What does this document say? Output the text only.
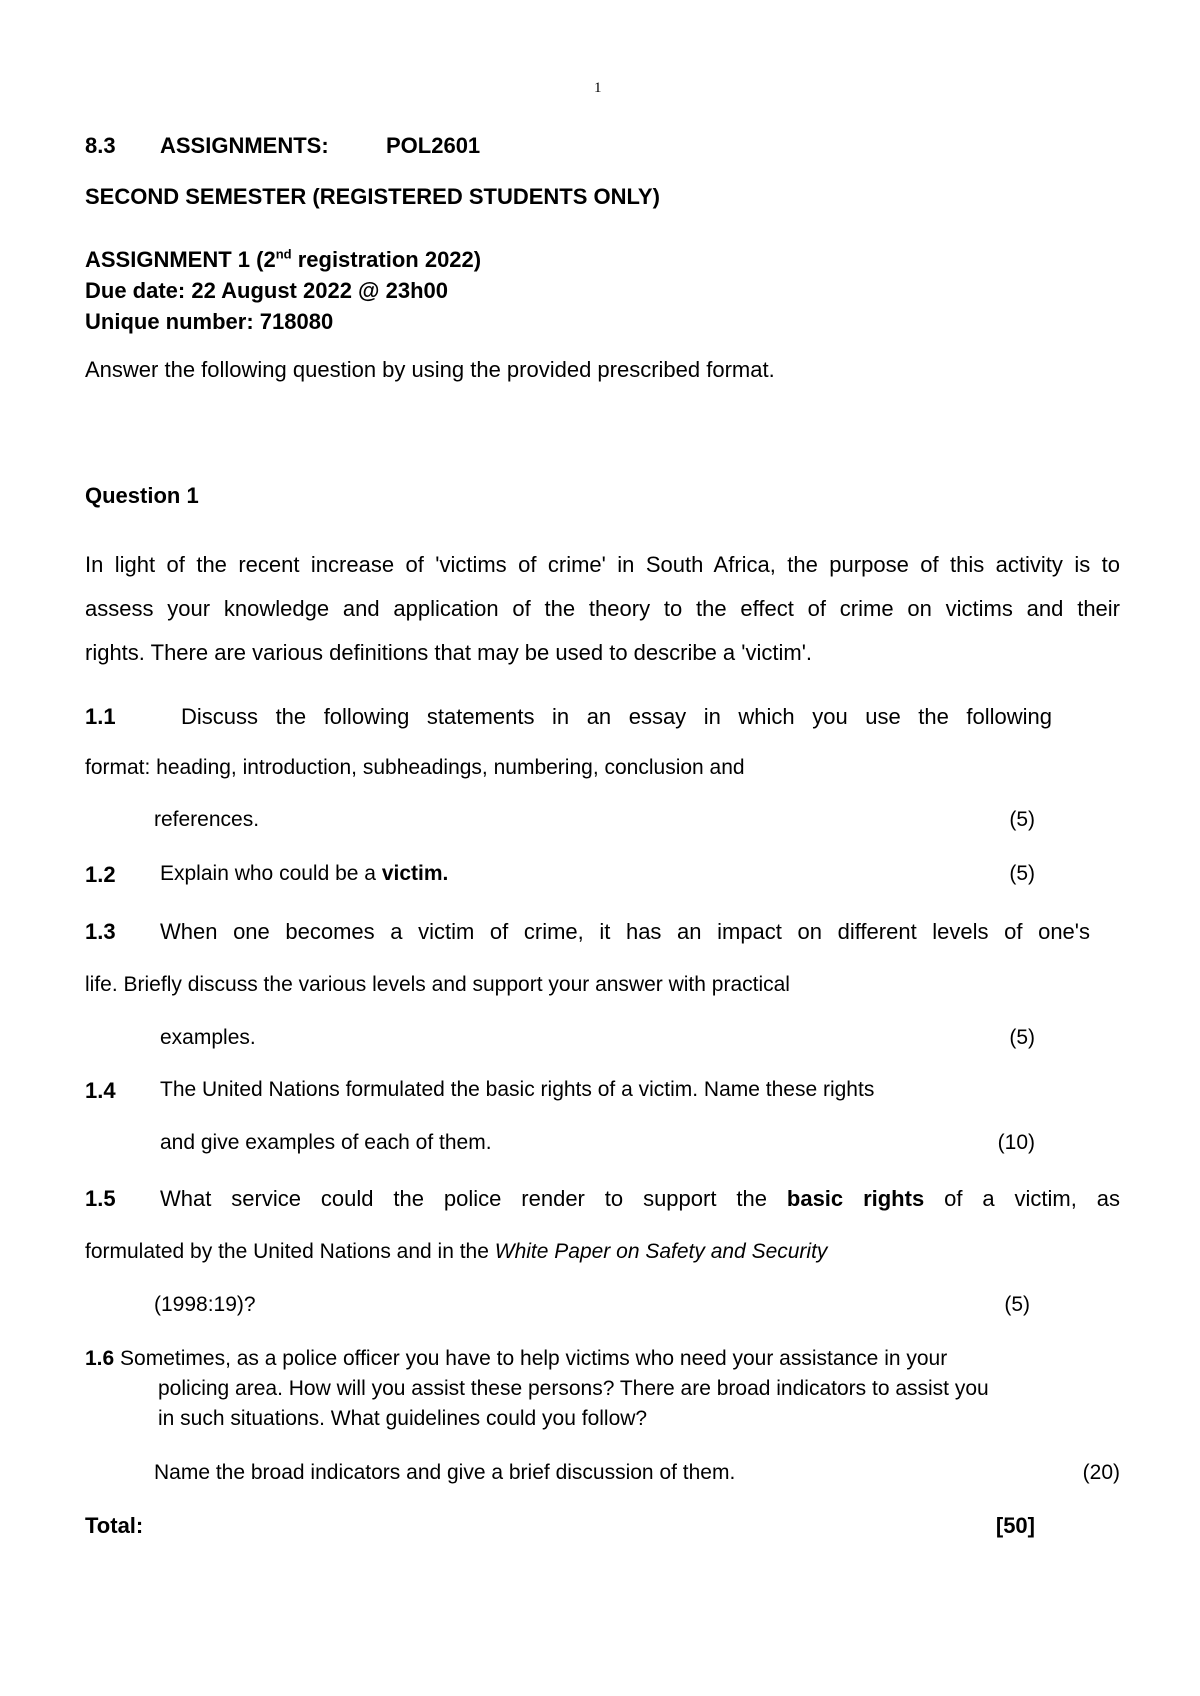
1
8.3 ASSIGNMENTS:	POL2601
SECOND SEMESTER (REGISTERED STUDENTS ONLY)
ASSIGNMENT 1 (2nd registration 2022)
Due date: 22 August 2022 @ 23h00
Unique number: 718080
Answer the following question by using the provided prescribed format.
Question 1
In light of the recent increase of 'victims of crime' in South Africa, the purpose of this activity is to
assess your knowledge and application of the theory to the effect of crime on victims and their
rights. There are various definitions that may be used to describe a 'victim'.
1.1	Discuss the following statements in an essay in which you use the following
format: heading, introduction, subheadings, numbering, conclusion and
references.	(5)
1.2 Explain who could be a victim.	(5)
1.3 When one becomes a victim of crime, it has an impact on different levels of one's
life. Briefly discuss the various levels and support your answer with practical
examples.	(5)
1.4 The United Nations formulated the basic rights of a victim. Name these rights
and give examples of each of them.	(10)
1.5 What service could the police render to support the basic rights of a victim, as
formulated by the United Nations and in the White Paper on Safety and Security
(1998:19)?	(5)
1.6 Sometimes, as a police officer you have to help victims who need your assistance in your
policing area. How will you assist these persons? There are broad indicators to assist you
in such situations. What guidelines could you follow?
Name the broad indicators and give a brief discussion of them.	(20)
Total:	[50]
